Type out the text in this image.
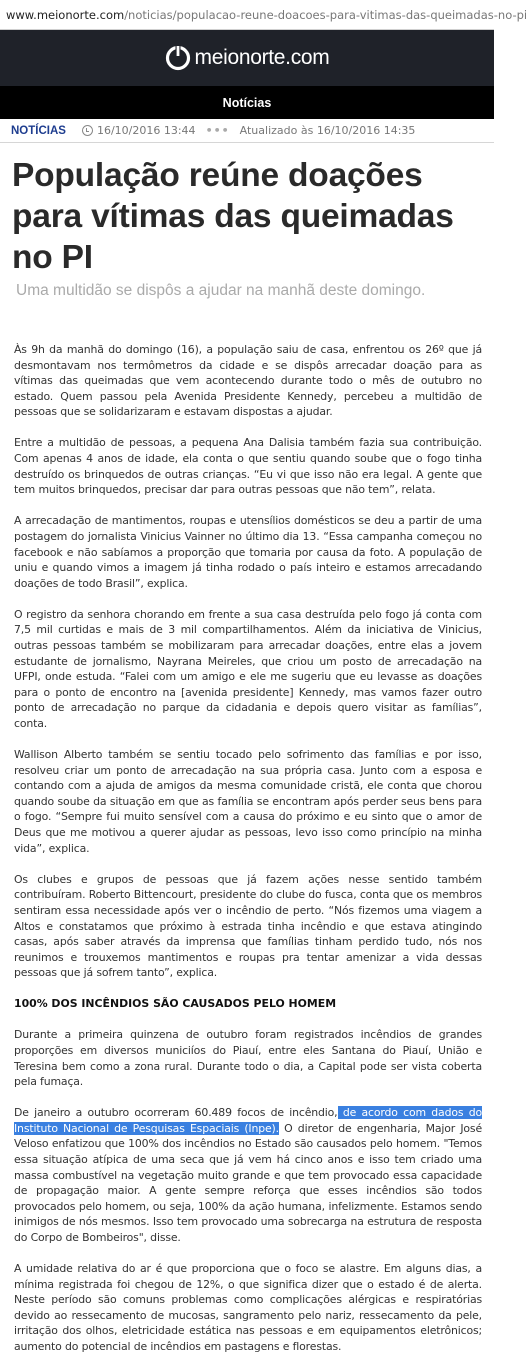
www.meionorte.com/noticias/populacao-reune-doacoes-para-vitimas-das-queimadas-no-pi
meionorte.com
Notícias
NOTÍCIAS	16/10/2016 13:44 ••• Atualizado às 16/10/2016 14:35
População reúne doações para vítimas das queimadas no PI
Uma multidão se dispôs a ajudar na manhã deste domingo.

Às 9h da manhã do domingo (16), a população saiu de casa, enfrentou os 26º que já desmontavam nos termômetros da cidade e se dispôs arrecadar doação para as vítimas das queimadas que vem acontecendo durante todo o mês de outubro no estado. Quem passou pela Avenida Presidente Kennedy, percebeu a multidão de pessoas que se solidarizaram e estavam dispostas a ajudar.

Entre a multidão de pessoas, a pequena Ana Dalisia também fazia sua contribuição. Com apenas 4 anos de idade, ela conta o que sentiu quando soube que o fogo tinha destruído os brinquedos de outras crianças. “Eu vi que isso não era legal. A gente que tem muitos brinquedos, precisar dar para outras pessoas que não tem”, relata.

A arrecadação de mantimentos, roupas e utensílios domésticos se deu a partir de uma postagem do jornalista Vinicius Vainner no último dia 13. “Essa campanha começou no facebook e não sabíamos a proporção que tomaria por causa da foto. A população de uniu e quando vimos a imagem já tinha rodado o país inteiro e estamos arrecadando doações de todo Brasil”, explica.

O registro da senhora chorando em frente a sua casa destruída pelo fogo já conta com 7,5 mil curtidas e mais de 3 mil compartilhamentos. Além da iniciativa de Vinicius, outras pessoas também se mobilizaram para arrecadar doações, entre elas a jovem estudante de jornalismo, Nayrana Meireles, que criou um posto de arrecadação na UFPI, onde estuda. “Falei com um amigo e ele me sugeriu que eu levasse as doações para o ponto de encontro na [avenida presidente] Kennedy, mas vamos fazer outro ponto de arrecadação no parque da cidadania e depois quero visitar as famílias”, conta.

Wallison Alberto também se sentiu tocado pelo sofrimento das famílias e por isso, resolveu criar um ponto de arrecadação na sua própria casa. Junto com a esposa e contando com a ajuda de amigos da mesma comunidade cristã, ele conta que chorou quando soube da situação em que as família se encontram após perder seus bens para o fogo. “Sempre fui muito sensível com a causa do próximo e eu sinto que o amor de Deus que me motivou a querer ajudar as pessoas, levo isso como princípio na minha vida”, explica.

Os clubes e grupos de pessoas que já fazem ações nesse sentido também contribuíram. Roberto Bittencourt, presidente do clube do fusca, conta que os membros sentiram essa necessidade após ver o incêndio de perto. “Nós fizemos uma viagem a Altos e constatamos que próximo à estrada tinha incêndio e que estava atingindo casas, após saber através da imprensa que famílias tinham perdido tudo, nós nos reunimos e trouxemos mantimentos e roupas pra tentar amenizar a vida dessas pessoas que já sofrem tanto”, explica.

100% DOS INCÊNDIOS SÃO CAUSADOS PELO HOMEM

Durante a primeira quinzena de outubro foram registrados incêndios de grandes proporções em diversos municiíos do Piauí, entre eles Santana do Piauí, União e Teresina bem como a zona rural. Durante todo o dia, a Capital pode ser vista coberta pela fumaça.

De janeiro a outubro ocorreram 60.489 focos de incêndio, de acordo com dados do Instituto Nacional de Pesquisas Espaciais (Inpe). O diretor de engenharia, Major José Veloso enfatizou que 100% dos incêndios no Estado são causados pelo homem. "Temos essa situação atípica de uma seca que já vem há cinco anos e isso tem criado uma massa combustível na vegetação muito grande e que tem provocado essa capacidade de propagação maior. A gente sempre reforça que esses incêndios são todos provocados pelo homem, ou seja, 100% da ação humana, infelizmente. Estamos sendo inimigos de nós mesmos. Isso tem provocado uma sobrecarga na estrutura de resposta do Corpo de Bombeiros", disse.

A umidade relativa do ar é que proporciona que o foco se alastre. Em alguns dias, a mínima registrada foi chegou de 12%, o que significa dizer que o estado é de alerta. Neste período são comuns problemas como complicações alérgicas e respiratórias devido ao ressecamento de mucosas, sangramento pelo nariz, ressecamento da pele, irritação dos olhos, eletricidade estática nas pessoas e em equipamentos eletrônicos; aumento do potencial de incêndios em pastagens e florestas.
